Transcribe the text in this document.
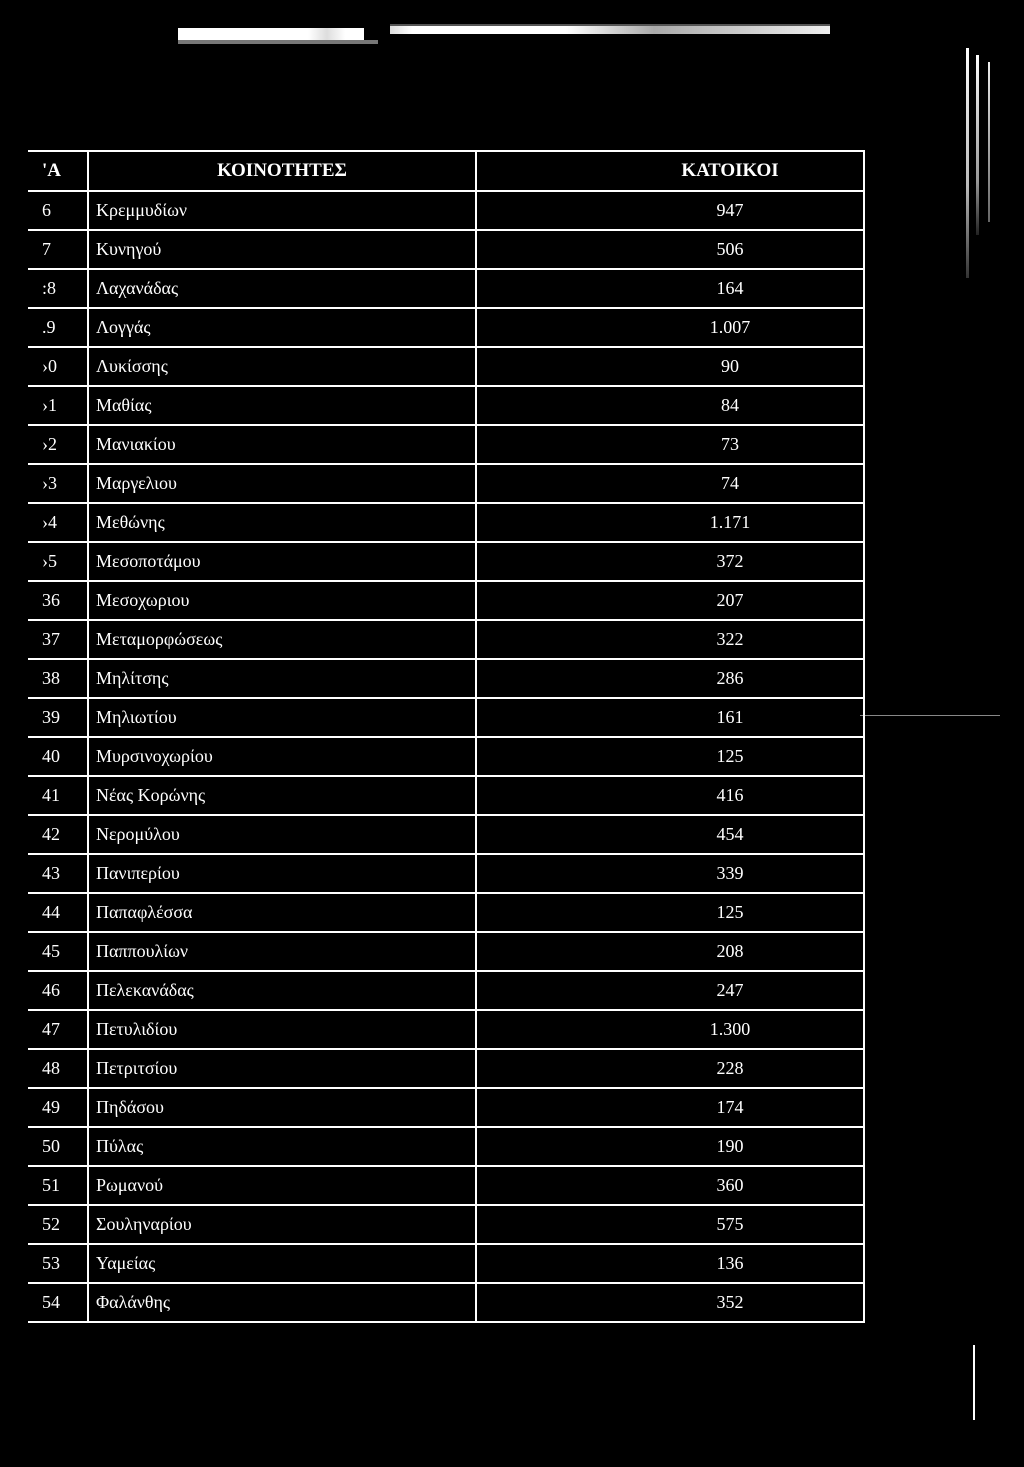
'A	ΚΟΙΝΟΤΗΤΕΣ	ΚΑΤΟΙΚΟΙ
6	Κρεμμυδίων	947
7	Κυνηγού	506
:8	Λαχανάδας	164
.9	Λογγάς	1.007
›0	Λυκίσσης	90
›1	Μαθίας	84
›2	Μανιακίου	73
›3	Μαργελιου	74
›4	Μεθώνης	1.171
›5	Μεσοποτάμου	372
36	Μεσοχωριου	207
37	Μεταμορφώσεως	322
38	Μηλίτσης	286
39	Μηλιωτίου	161
40	Μυρσινοχωρίου	125
41	Νέας Κορώνης	416
42	Νερομύλου	454
43	Πανιπερίου	339
44	Παπαφλέσσα	125
45	Παππουλίων	208
46	Πελεκανάδας	247
47	Πετυλιδίου	1.300
48	Πετριτσίου	228
49	Πηδάσου	174
50	Πύλας	190
51	Ρωμανού	360
52	Σουληναρίου	575
53	Υαμείας	136
54	Φαλάνθης	352
